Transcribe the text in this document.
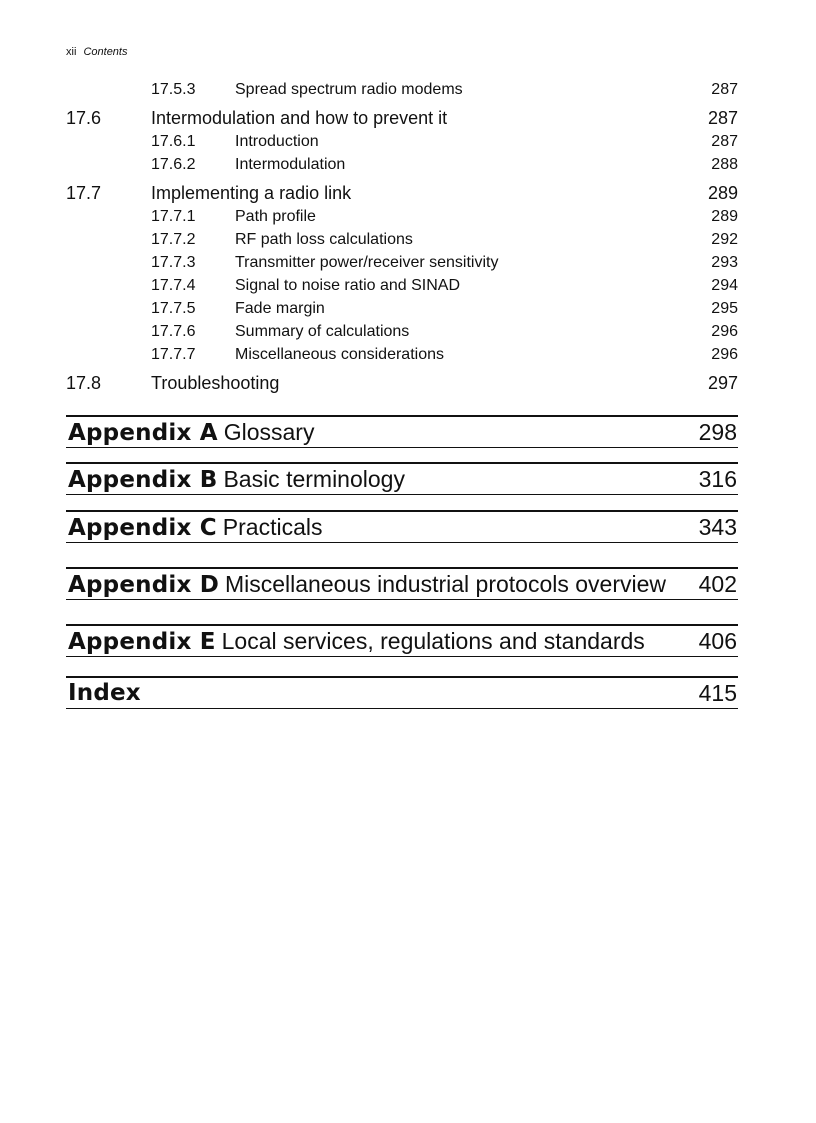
xii Contents
17.5.3 Spread spectrum radio modems	287
17.6	Intermodulation and how to prevent it	287
17.6.1 Introduction	287
17.6.2 Intermodulation	288
17.7	Implementing a radio link	289
17.7.1 Path profile	289
17.7.2 RF path loss calculations	292
17.7.3 Transmitter power/receiver sensitivity	293
17.7.4 Signal to noise ratio and SINAD	294
17.7.5 Fade margin	295
17.7.6 Summary of calculations	296
17.7.7 Miscellaneous considerations	296
17.8	Troubleshooting	297
Appendix A Glossary	298
Appendix B Basic terminology	316
Appendix C Practicals	343
Appendix D Miscellaneous industrial protocols overview 402
Appendix E Local services, regulations and standards 406
Index	415
